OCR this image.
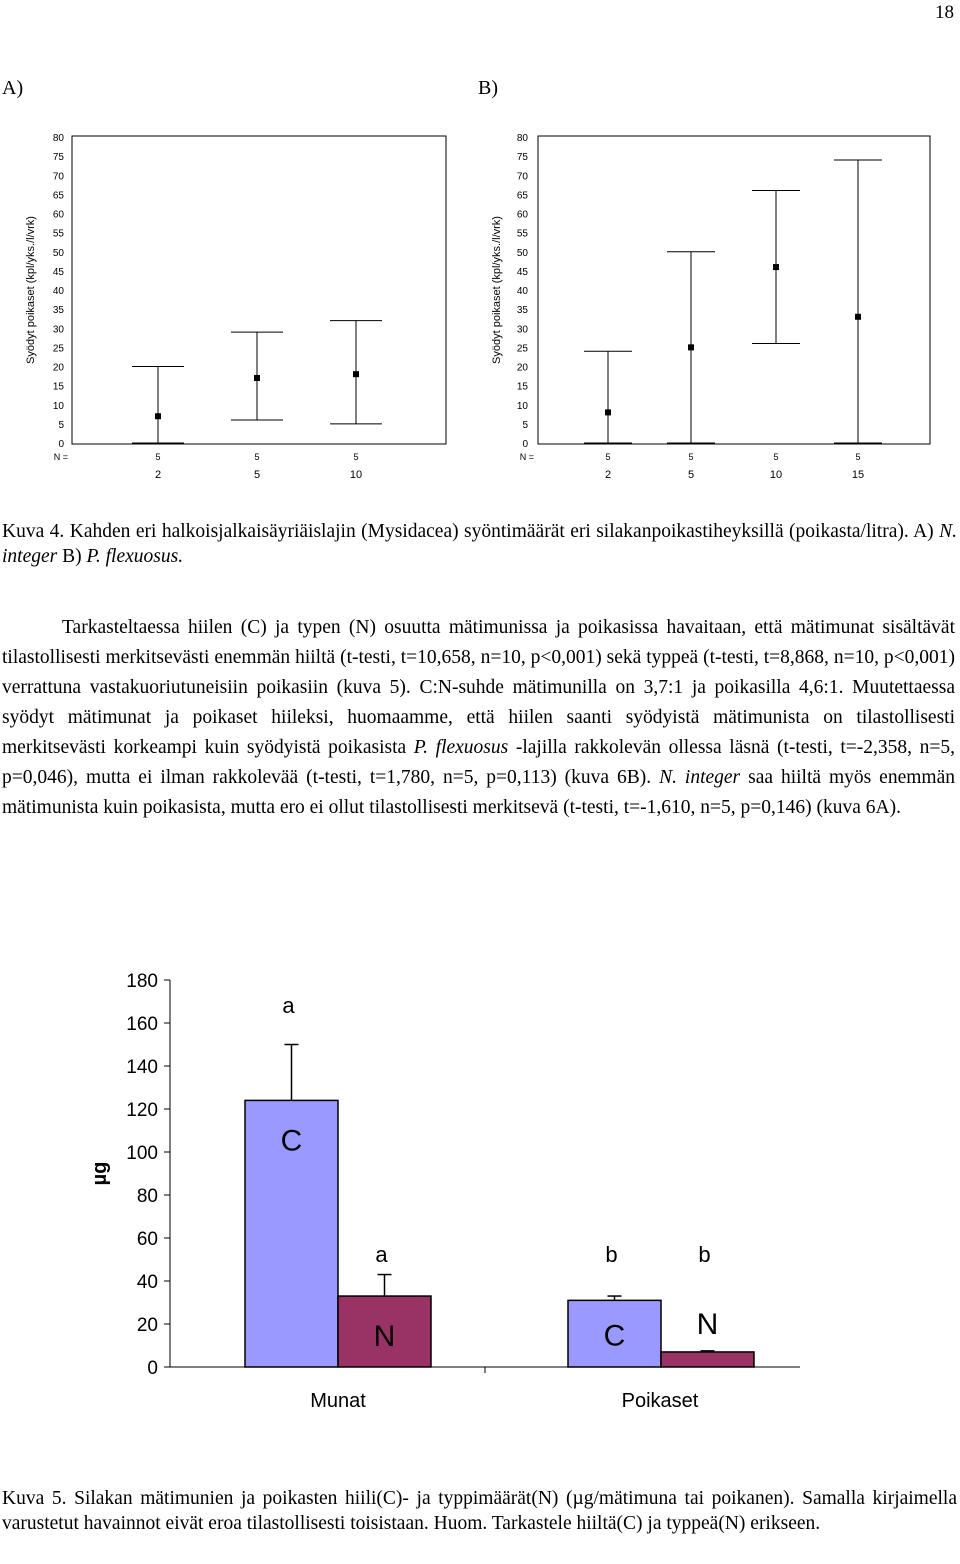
18
A)	B)
0
5
10
15
20
25
30
35
40
45
50
55
60
65
70
75
80
Syödyt poikaset (kpl/yks./l/vrk)
N =	5
2
5
5
5
10
0
5
10
15
20
25
30
35
40
45
50
55
60
65
70
75
80
Syödyt poikaset (kpl/yks./l/vrk)
N =	5
2
5
5
5
10
5
15
Kuva 4. Kahden eri halkoisjalkaisäyriäislajin (Mysidacea) syöntimäärät eri silakanpoikastiheyksillä (poikasta/litra). A) N. integer B) P. flexuosus.
Tarkasteltaessa hiilen (C) ja typen (N) osuutta mätimunissa ja poikasissa havaitaan, että mätimunat sisältävät tilastollisesti merkitsevästi enemmän hiiltä (t-testi, t=10,658, n=10, p<0,001) sekä typpeä (t-testi, t=8,868, n=10, p<0,001) verrattuna vastakuoriutuneisiin poikasiin (kuva 5). C:N-suhde mätimunilla on 3,7:1 ja poikasilla 4,6:1. Muutettaessa syödyt mätimunat ja poikaset hiileksi, huomaamme, että hiilen saanti syödyistä mätimunista on tilastollisesti merkitsevästi korkeampi kuin syödyistä poikasista P. flexuosus -lajilla rakkolevän ollessa läsnä (t-testi, t=-2,358, n=5, p=0,046), mutta ei ilman rakkolevää (t-testi, t=1,780, n=5, p=0,113) (kuva 6B). N. integer saa hiiltä myös enemmän mätimunista kuin poikasista, mutta ero ei ollut tilastollisesti merkitsevä (t-testi, t=-1,610, n=5, p=0,146) (kuva 6A).
0
20
40
60
80
100
120
140
160
180
µg
Munat	Poikaset
C
a
C
b
N
a
N
b
Kuva 5. Silakan mätimunien ja poikasten hiili(C)- ja typpimäärät(N) (µg/mätimuna tai poikanen). Samalla kirjaimella varustetut havainnot eivät eroa tilastollisesti toisistaan. Huom. Tarkastele hiiltä(C) ja typpeä(N) erikseen.
